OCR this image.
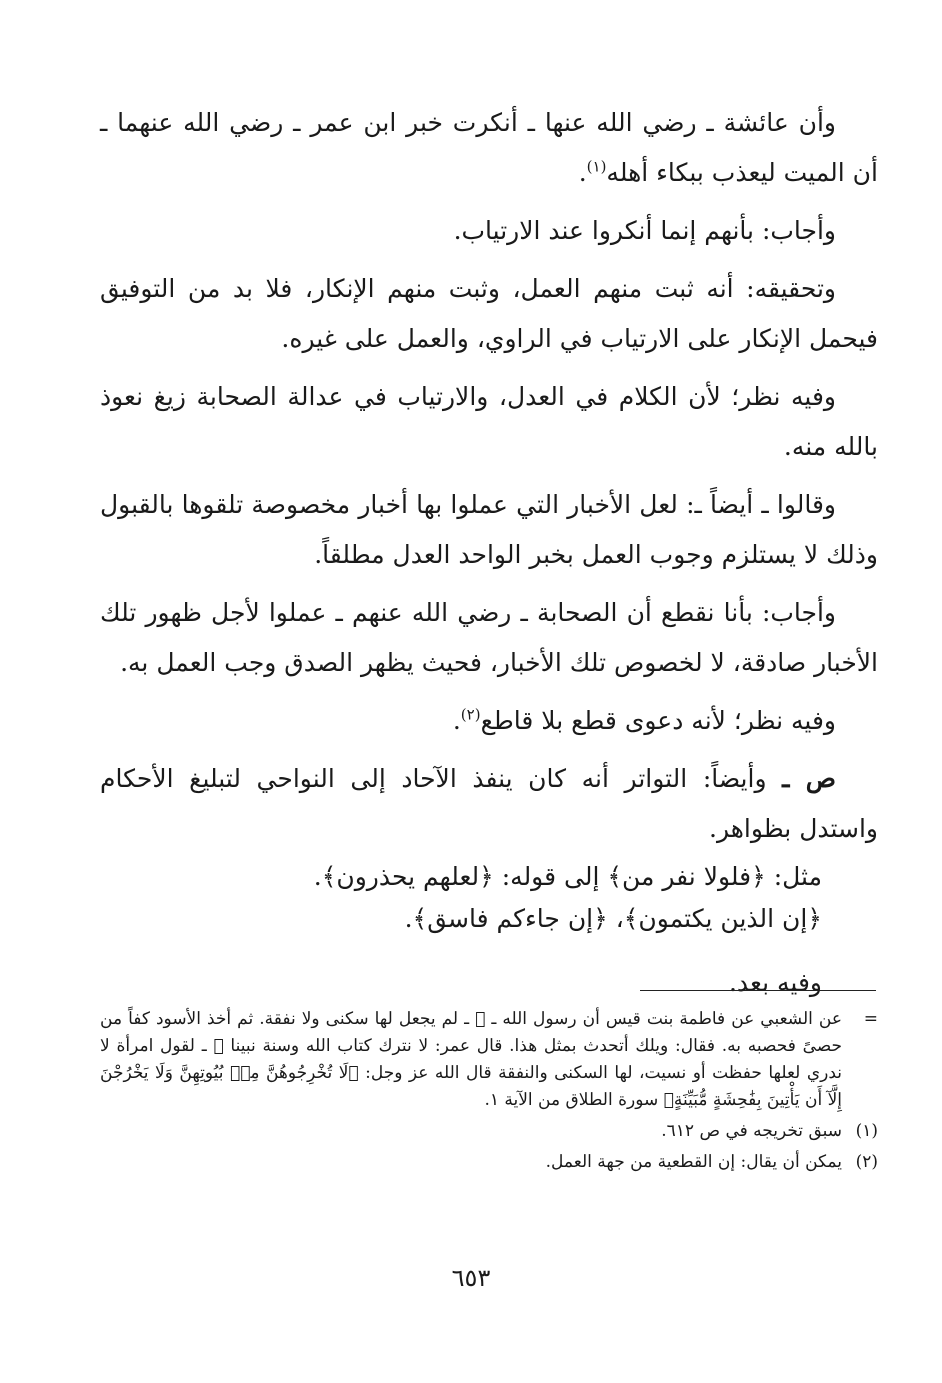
وأن عائشة ـ رضي الله عنها ـ أنكرت خبر ابن عمر ـ رضي الله عنهما ـ أن الميت ليعذب ببكاء أهله$^{(١)}$.

وأجاب: بأنهم إنما أنكروا عند الارتياب.

وتحقيقه: أنه ثبت منهم العمل، وثبت منهم الإنكار، فلا بد من التوفيق فيحمل الإنكار على الارتياب في الراوي، والعمل على غيره.

وفيه نظر؛ لأن الكلام في العدل، والارتياب في عدالة الصحابة زيغ نعوذ بالله منه.

وقالوا ـ أيضاً ـ: لعل الأخبار التي عملوا بها أخبار مخصوصة تلقوها بالقبول وذلك لا يستلزم وجوب العمل بخبر الواحد العدل مطلقاً.

وأجاب: بأنا نقطع أن الصحابة ـ رضي الله عنهم ـ عملوا لأجل ظهور تلك الأخبار صادقة، لا لخصوص تلك الأخبار، فحيث يظهر الصدق وجب العمل به.

وفيه نظر؛ لأنه دعوى قطع بلا قاطع$^{(٢)}$.

ص ـ وأيضاً: التواتر أنه كان ينفذ الآحاد إلى النواحي لتبليغ الأحكام واستدل بظواهر.

مثل: ﴿فلولا نفر من﴾ إلى قوله: ﴿لعلهم يحذرون﴾.

﴿إن الذين يكتمون﴾، ﴿إن جاءكم فاسق﴾.

وفيه بعد.

=
عن الشعبي عن فاطمة بنت قيس أن رسول الله ـ ﷺ ـ لم يجعل لها سكنى ولا نفقة. ثم أخذ الأسود كفاً من حصىً فحصبه به. فقال: ويلك أتحدث بمثل هذا. قال عمر: لا نترك كتاب الله وسنة نبينا ﷺ ـ لقول امرأة لا ندري لعلها حفظت أو نسيت، لها السكنى والنفقة قال الله عز وجل: ﴿لَا تُخْرِجُوهُنَّ مِنۢ بُيُوتِهِنَّ وَلَا يَخْرُجْنَ إِلَّآ أَن يَأْتِينَ بِفَٰحِشَةٍ مُّبَيِّنَةٍ﴾ سورة الطلاق من الآية ١.

(١)
سبق تخريجه في ص ٦١٢.

(٢)
يمكن أن يقال: إن القطعية من جهة العمل.

٦٥٣
